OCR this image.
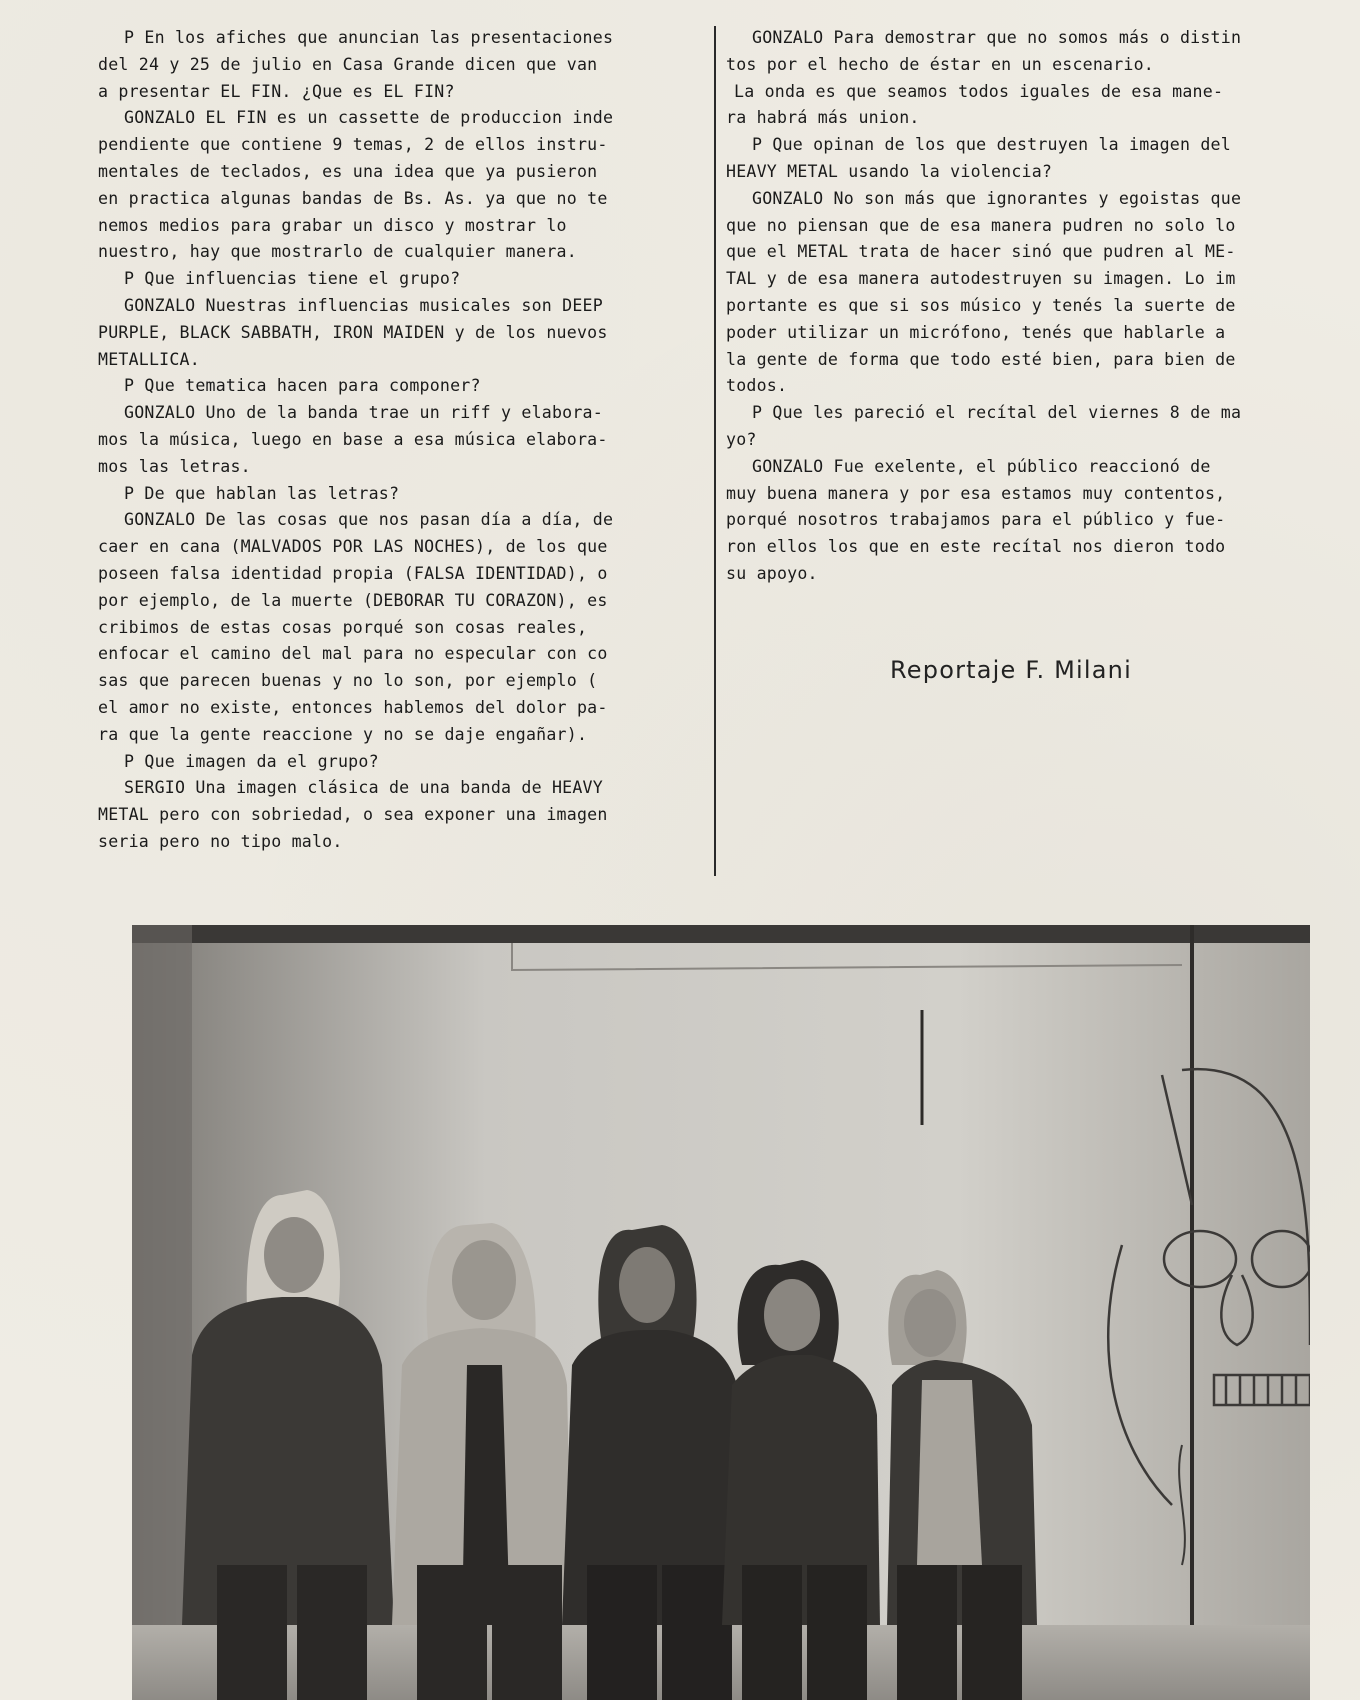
P En los afiches que anuncian las presentaciones
del 24 y 25 de julio en Casa Grande dicen que van
a presentar EL FIN. ¿Que es EL FIN?
GONZALO EL FIN es un cassette de produccion inde
pendiente que contiene 9 temas, 2 de ellos instru-
mentales de teclados, es una idea que ya pusieron
en practica algunas bandas de Bs. As. ya que no te
nemos medios para grabar un disco y mostrar lo
nuestro, hay que mostrarlo de cualquier manera.
P Que influencias tiene el grupo?
GONZALO Nuestras influencias musicales son DEEP
PURPLE, BLACK SABBATH, IRON MAIDEN y de los nuevos
METALLICA.
P Que tematica hacen para componer?
GONZALO Uno de la banda trae un riff y elabora-
mos la música, luego en base a esa música elabora-
mos las letras.
P De que hablan las letras?
GONZALO De las cosas que nos pasan día a día, de
caer en cana (MALVADOS POR LAS NOCHES), de los que
poseen falsa identidad propia (FALSA IDENTIDAD), o
por ejemplo, de la muerte (DEBORAR TU CORAZON), es
cribimos de estas cosas porqué son cosas reales,
enfocar el camino del mal para no especular con co
sas que parecen buenas y no lo son, por ejemplo (
el amor no existe, entonces hablemos del dolor pa-
ra que la gente reaccione y no se daje engañar).
P Que imagen da el grupo?
SERGIO Una imagen clásica de una banda de HEAVY
METAL pero con sobriedad, o sea exponer una imagen
seria pero no tipo malo.
GONZALO Para demostrar que no somos más o distin
tos por el hecho de éstar en un escenario.
La onda es que seamos todos iguales de esa mane-
ra habrá más union.
P Que opinan de los que destruyen la imagen del
HEAVY METAL usando la violencia?
GONZALO No son más que ignorantes y egoistas que
que no piensan que de esa manera pudren no solo lo
que el METAL trata de hacer sinó que pudren al ME-
TAL y de esa manera autodestruyen su imagen. Lo im
portante es que si sos músico y tenés la suerte de
poder utilizar un micrófono, tenés que hablarle a
la gente de forma que todo esté bien, para bien de
todos.
P Que les pareció el recítal del viernes 8 de ma
yo?
GONZALO Fue exelente, el público reaccionó de
muy buena manera y por esa estamos muy contentos,
porqué nosotros trabajamos para el público y fue-
ron ellos los que en este recítal nos dieron todo
su apoyo.
Reportaje F. Milani
